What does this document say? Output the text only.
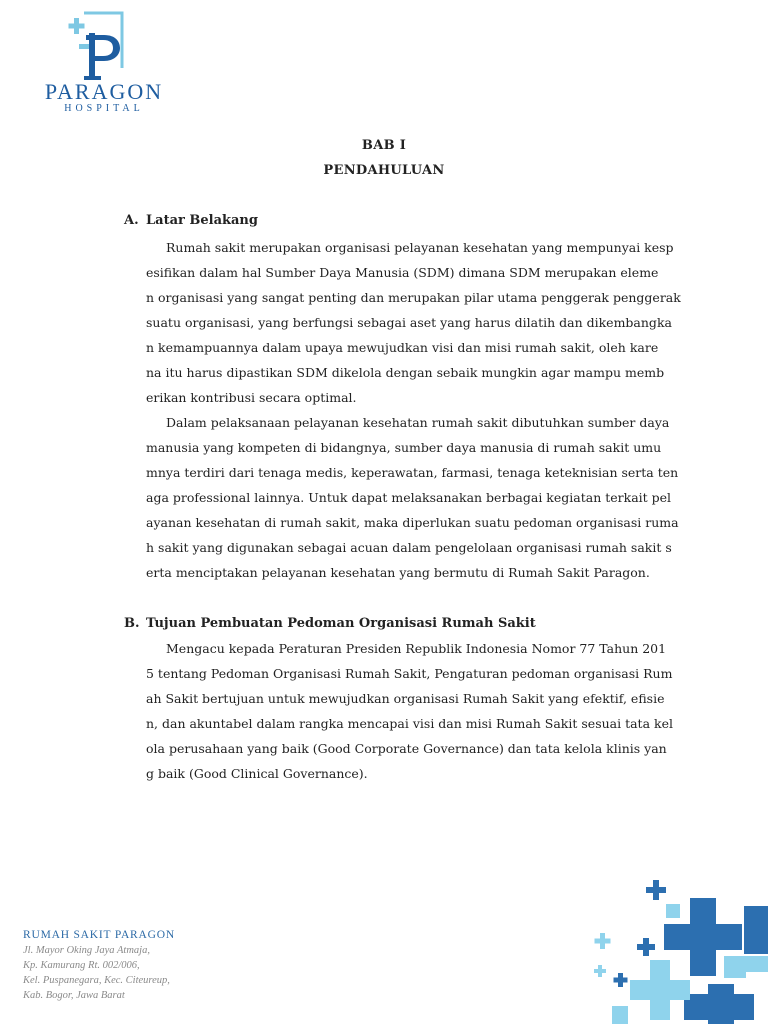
PARAGON
HOSPITAL
BAB I
PENDAHULUAN
A. Latar Belakang
Rumah sakit merupakan organisasi pelayanan kesehatan yang mempunyai kesp
esifikan dalam hal Sumber Daya Manusia (SDM) dimana SDM merupakan eleme
n organisasi yang sangat penting dan merupakan pilar utama penggerak penggerak
suatu organisasi, yang berfungsi sebagai aset yang harus dilatih dan dikembangka
n kemampuannya dalam upaya mewujudkan visi dan misi rumah sakit, oleh kare
na itu harus dipastikan SDM dikelola dengan sebaik mungkin agar mampu memb
erikan kontribusi secara optimal.
Dalam pelaksanaan pelayanan kesehatan rumah sakit dibutuhkan sumber daya
manusia yang kompeten di bidangnya, sumber daya manusia di rumah sakit umu
mnya terdiri dari tenaga medis, keperawatan, farmasi, tenaga keteknisian serta ten
aga professional lainnya. Untuk dapat melaksanakan berbagai kegiatan terkait pel
ayanan kesehatan di rumah sakit, maka diperlukan suatu pedoman organisasi ruma
h sakit yang digunakan sebagai acuan dalam pengelolaan organisasi rumah sakit s
erta menciptakan pelayanan kesehatan yang bermutu di Rumah Sakit Paragon.
B. Tujuan Pembuatan Pedoman Organisasi Rumah Sakit
Mengacu kepada Peraturan Presiden Republik Indonesia Nomor 77 Tahun 201
5 tentang Pedoman Organisasi Rumah Sakit, Pengaturan pedoman organisasi Rum
ah Sakit bertujuan untuk mewujudkan organisasi Rumah Sakit yang efektif, efisie
n, dan akuntabel dalam rangka mencapai visi dan misi Rumah Sakit sesuai tata kel
ola perusahaan yang baik (Good Corporate Governance) dan tata kelola klinis yan
g baik (Good Clinical Governance).
RUMAH SAKIT PARAGON
Jl. Mayor Oking Jaya Atmaja,
Kp. Kamurang Rt. 002/006,
Kel. Puspanegara, Kec. Citeureup,
Kab. Bogor, Jawa Barat
